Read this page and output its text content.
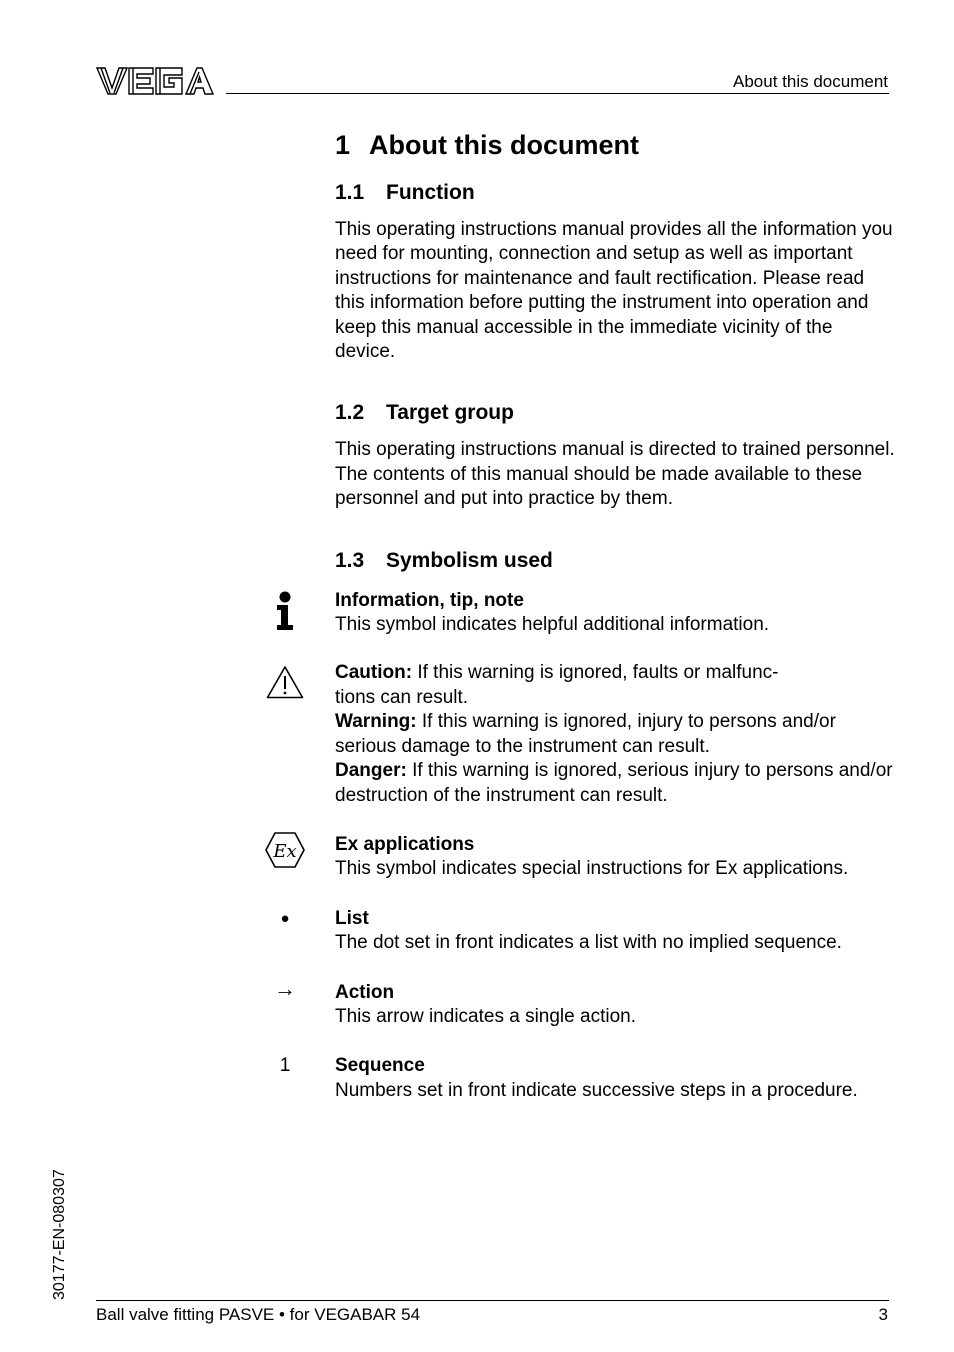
About this document
1 About this document
1.1 Function
This operating instructions manual provides all the information you need for mounting, connection and setup as well as important instructions for maintenance and fault rectification. Please read this information before putting the instrument into operation and keep this manual accessible in the immediate vicinity of the device.
1.2 Target group
This operating instructions manual is directed to trained personnel. The contents of this manual should be made available to these personnel and put into practice by them.
1.3 Symbolism used
Information, tip, note
This symbol indicates helpful additional information.
Caution: If this warning is ignored, faults or malfunc-
tions can result.
Warning: If this warning is ignored, injury to persons and/or serious damage to the instrument can result.
Danger: If this warning is ignored, serious injury to persons and/or destruction of the instrument can result.
Ex Ex applications
This symbol indicates special instructions for Ex applications.
●	List
The dot set in front indicates a list with no implied sequence.
→	Action
This arrow indicates a single action.
1	Sequence
Numbers set in front indicate successive steps in a procedure.
30177-EN-080307
Ball valve fitting PASVE • for VEGABAR 54	3
